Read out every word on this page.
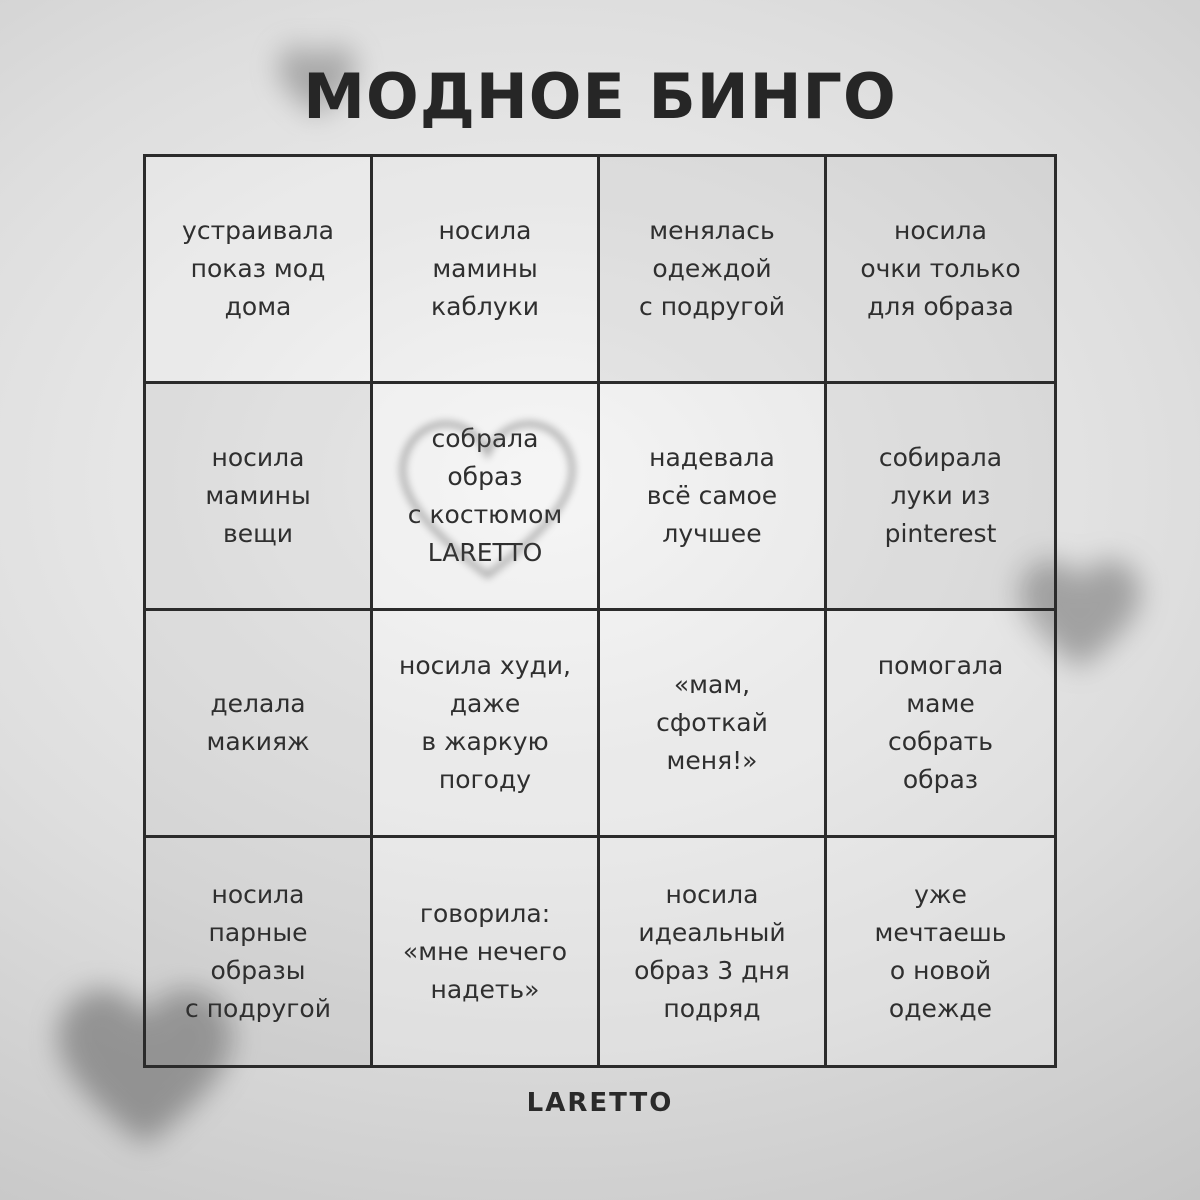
МОДНОЕ БИНГО
устраивала
показ мод
дома
носила
мамины
каблуки
менялась
одеждой
с подругой
носила
очки только
для образа
носила
мамины
вещи
собрала
образ
с костюмом
LARETTO
надевала
всё самое
лучшее
собирала
луки из
pinterest
делала
макияж
носила худи,
даже
в жаркую
погоду
«мам,
сфоткай
меня!»
помогала
маме
собрать
образ
носила
парные
образы
с подругой
говорила:
«мне нечего
надеть»
носила
идеальный
образ 3 дня
подряд
уже
мечтаешь
о новой
одежде
LARETTO
